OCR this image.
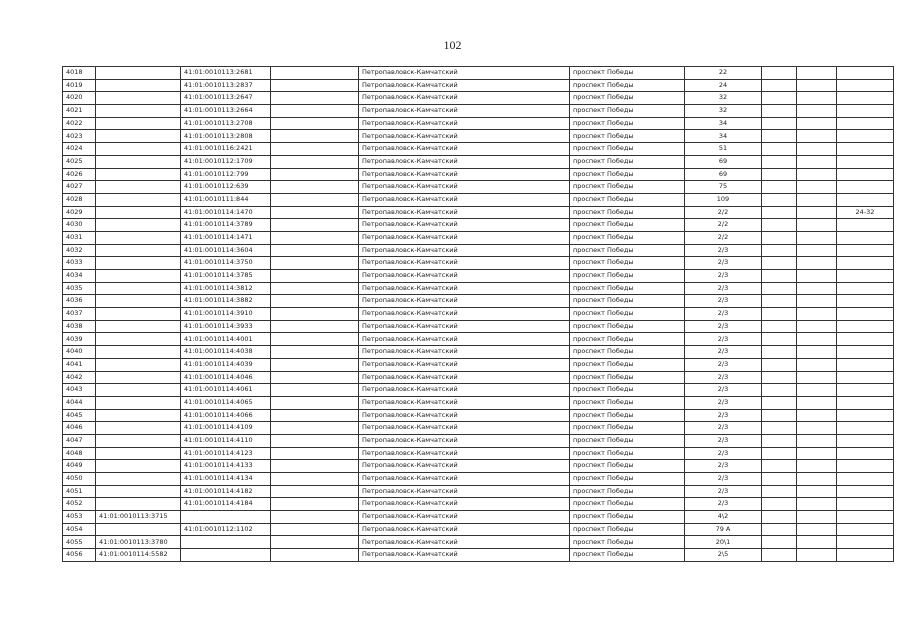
102
4018		41:01:0010113:2681		Петропавловск-Камчатский	проспект Победы	22			
4019		41:01:0010113:2837		Петропавловск-Камчатский	проспект Победы	24			
4020		41:01:0010113:2647		Петропавловск-Камчатский	проспект Победы	32			
4021		41:01:0010113:2664		Петропавловск-Камчатский	проспект Победы	32			
4022		41:01:0010113:2708		Петропавловск-Камчатский	проспект Победы	34			
4023		41:01:0010113:2808		Петропавловск-Камчатский	проспект Победы	34			
4024		41:01:0010116:2421		Петропавловск-Камчатский	проспект Победы	51			
4025		41:01:0010112:1709		Петропавловск-Камчатский	проспект Победы	69			
4026		41:01:0010112:799		Петропавловск-Камчатский	проспект Победы	69			
4027		41:01:0010112:639		Петропавловск-Камчатский	проспект Победы	75			
4028		41:01:0010111:844		Петропавловск-Камчатский	проспект Победы	109			
4029		41:01:0010114:1470		Петропавловск-Камчатский	проспект Победы	2/2			24-32
4030		41:01:0010114:3789		Петропавловск-Камчатский	проспект Победы	2/2			
4031		41:01:0010114:1471		Петропавловск-Камчатский	проспект Победы	2/2			
4032		41:01:0010114:3604		Петропавловск-Камчатский	проспект Победы	2/3			
4033		41:01:0010114:3750		Петропавловск-Камчатский	проспект Победы	2/3			
4034		41:01:0010114:3785		Петропавловск-Камчатский	проспект Победы	2/3			
4035		41:01:0010114:3812		Петропавловск-Камчатский	проспект Победы	2/3			
4036		41:01:0010114:3882		Петропавловск-Камчатский	проспект Победы	2/3			
4037		41:01:0010114:3910		Петропавловск-Камчатский	проспект Победы	2/3			
4038		41:01:0010114:3933		Петропавловск-Камчатский	проспект Победы	2/3			
4039		41:01:0010114:4001		Петропавловск-Камчатский	проспект Победы	2/3			
4040		41:01:0010114:4038		Петропавловск-Камчатский	проспект Победы	2/3			
4041		41:01:0010114:4039		Петропавловск-Камчатский	проспект Победы	2/3			
4042		41:01:0010114:4046		Петропавловск-Камчатский	проспект Победы	2/3			
4043		41:01:0010114:4061		Петропавловск-Камчатский	проспект Победы	2/3			
4044		41:01:0010114:4065		Петропавловск-Камчатский	проспект Победы	2/3			
4045		41:01:0010114:4066		Петропавловск-Камчатский	проспект Победы	2/3			
4046		41:01:0010114:4109		Петропавловск-Камчатский	проспект Победы	2/3			
4047		41:01:0010114:4110		Петропавловск-Камчатский	проспект Победы	2/3			
4048		41:01:0010114:4123		Петропавловск-Камчатский	проспект Победы	2/3			
4049		41:01:0010114:4133		Петропавловск-Камчатский	проспект Победы	2/3			
4050		41:01:0010114:4134		Петропавловск-Камчатский	проспект Победы	2/3			
4051		41:01:0010114:4182		Петропавловск-Камчатский	проспект Победы	2/3			
4052		41:01:0010114:4184		Петропавловск-Камчатский	проспект Победы	2/3			
4053	41:01:0010113:3715			Петропавловск-Камчатский	проспект Победы	4\2			
4054		41:01:0010112:1102		Петропавловск-Камчатский	проспект Победы	79 А			
4055	41:01:0010113:3780			Петропавловск-Камчатский	проспект Победы	20\1			
4056	41:01:0010114:5582			Петропавловск-Камчатский	проспект Победы	2\5			
